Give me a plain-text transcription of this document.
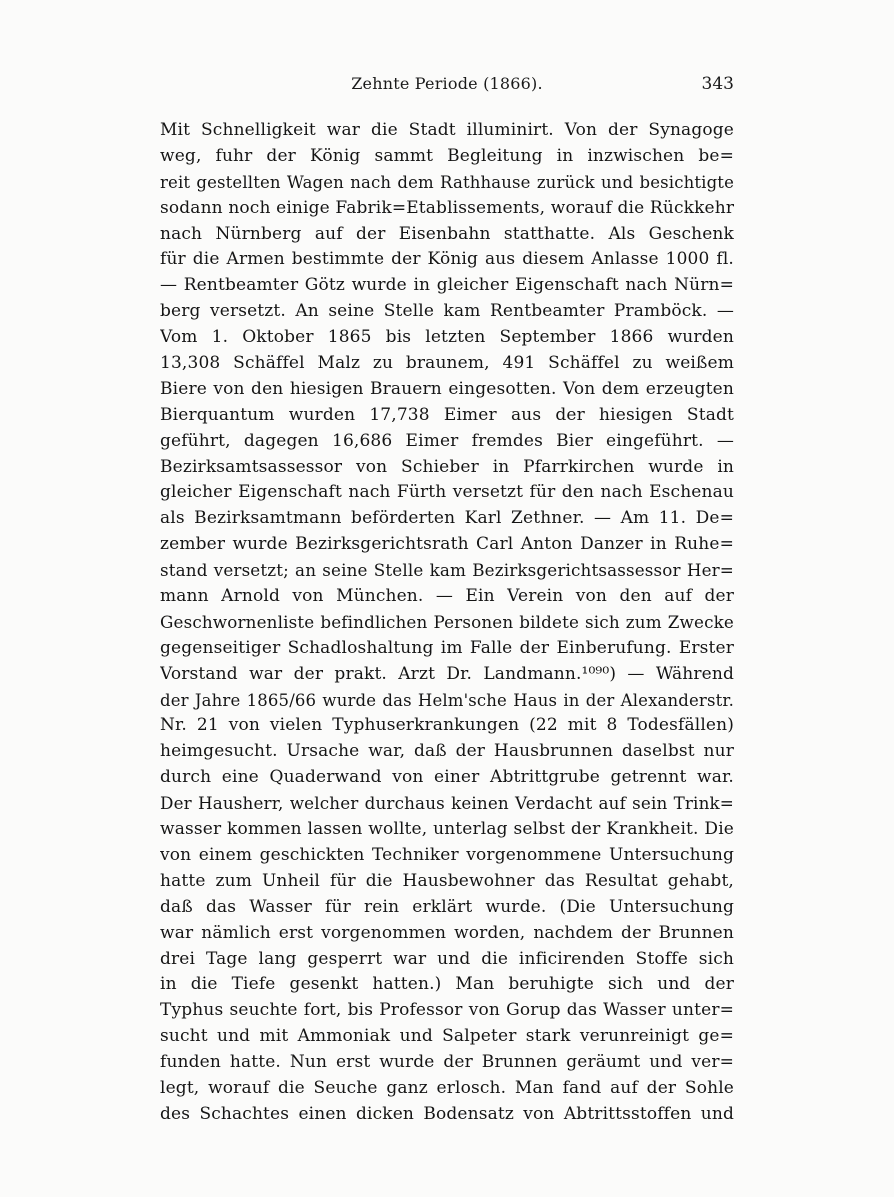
Zehnte Periode (1866).	343
Mit Schnelligkeit war die Stadt illuminirt. Von der Synagoge
weg, fuhr der König sammt Begleitung in inzwischen be=
reit gestellten Wagen nach dem Rathhause zurück und besichtigte
sodann noch einige Fabrik=Etablissements, worauf die Rückkehr
nach Nürnberg auf der Eisenbahn statthatte. Als Geschenk
für die Armen bestimmte der König aus diesem Anlasse 1000 fl.
— Rentbeamter Götz wurde in gleicher Eigenschaft nach Nürn=
berg versetzt. An seine Stelle kam Rentbeamter Pramböck. —
Vom 1. Oktober 1865 bis letzten September 1866 wurden
13,308 Schäffel Malz zu braunem, 491 Schäffel zu weißem
Biere von den hiesigen Brauern eingesotten. Von dem erzeugten
Bierquantum wurden 17,738 Eimer aus der hiesigen Stadt
geführt, dagegen 16,686 Eimer fremdes Bier eingeführt. —
Bezirksamtsassessor von Schieber in Pfarrkirchen wurde in
gleicher Eigenschaft nach Fürth versetzt für den nach Eschenau
als Bezirksamtmann beförderten Karl Zethner. — Am 11. De=
zember wurde Bezirksgerichtsrath Carl Anton Danzer in Ruhe=
stand versetzt; an seine Stelle kam Bezirksgerichtsassessor Her=
mann Arnold von München. — Ein Verein von den auf der
Geschwornenliste befindlichen Personen bildete sich zum Zwecke
gegenseitiger Schadloshaltung im Falle der Einberufung. Erster
Vorstand war der prakt. Arzt Dr. Landmann.¹⁰⁹⁰) — Während
der Jahre 1865/66 wurde das Helm'sche Haus in der Alexanderstr.
Nr. 21 von vielen Typhuserkrankungen (22 mit 8 Todesfällen)
heimgesucht. Ursache war, daß der Hausbrunnen daselbst nur
durch eine Quaderwand von einer Abtrittgrube getrennt war.
Der Hausherr, welcher durchaus keinen Verdacht auf sein Trink=
wasser kommen lassen wollte, unterlag selbst der Krankheit. Die
von einem geschickten Techniker vorgenommene Untersuchung
hatte zum Unheil für die Hausbewohner das Resultat gehabt,
daß das Wasser für rein erklärt wurde. (Die Untersuchung
war nämlich erst vorgenommen worden, nachdem der Brunnen
drei Tage lang gesperrt war und die inficirenden Stoffe sich
in die Tiefe gesenkt hatten.) Man beruhigte sich und der
Typhus seuchte fort, bis Professor von Gorup das Wasser unter=
sucht und mit Ammoniak und Salpeter stark verunreinigt ge=
funden hatte. Nun erst wurde der Brunnen geräumt und ver=
legt, worauf die Seuche ganz erlosch. Man fand auf der Sohle
des Schachtes einen dicken Bodensatz von Abtrittsstoffen und
